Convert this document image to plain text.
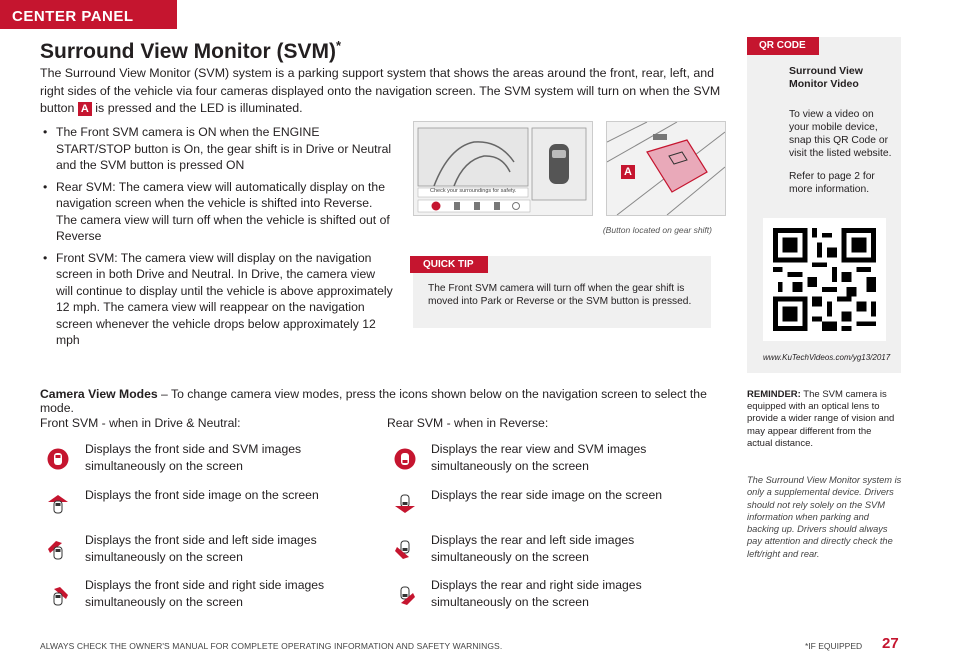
CENTER PANEL
Surround View Monitor (SVM)*
The Surround View Monitor (SVM) system is a parking support system that shows the areas around the front, rear, left, and right sides of the vehicle via four cameras displayed onto the navigation screen. The SVM system will turn on when the SVM button A is pressed and the LED is illuminated.
• The Front SVM camera is ON when the ENGINE START/STOP button is On, the gear shift is in Drive or Neutral and the SVM button is pressed ON
• Rear SVM: The camera view will automatically display on the navigation screen when the vehicle is shifted into Reverse. The camera view will turn off when the vehicle is shifted out of Reverse
• Front SVM: The camera view will display on the navigation screen in both Drive and Neutral. In Drive, the camera view will continue to display until the vehicle is above approximately 12 mph. The camera view will reappear on the navigation screen whenever the vehicle drops below approximately 12 mph
Check your surroundings for safety.
A
(Button located on gear shift)
QUICK TIP
The Front SVM camera will turn off when the gear shift is moved into Park or Reverse or the SVM button is pressed.
QR CODE
Surround View Monitor Video
To view a video on your mobile device, snap this QR Code or visit the listed website.
Refer to page 2 for more information.
www.KuTechVideos.com/yg13/2017
Camera View Modes – To change camera view modes, press the icons shown below on the navigation screen to select the mode.
Front SVM - when in Drive & Neutral:	Rear SVM - when in Reverse:
Displays the front side and SVM images simultaneously on the screen
Displays the front side image on the screen
Displays the front side and left side images simultaneously on the screen
Displays the front side and right side images simultaneously on the screen
Displays the rear view and SVM images simultaneously on the screen
Displays the rear side image on the screen
Displays the rear and left side images simultaneously on the screen
Displays the rear and right side images simultaneously on the screen
REMINDER: The SVM camera is equipped with an optical lens to provide a wider range of vision and may appear different from the actual distance.
The Surround View Monitor system is only a supplemental device. Drivers should not rely solely on the SVM information when parking and backing up. Drivers should always pay attention and directly check the left/right and rear.
ALWAYS CHECK THE OWNER'S MANUAL FOR COMPLETE OPERATING INFORMATION AND SAFETY WARNINGS.	*IF EQUIPPED 27
